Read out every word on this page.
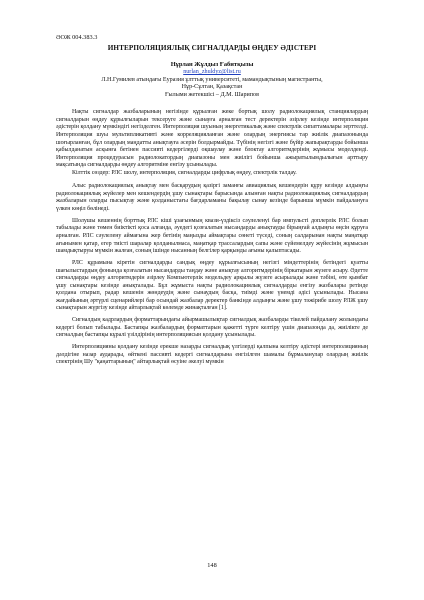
ӘОЖ 004.383.3
ИНТЕРПОЛЯЦИЯЛЫҚ СИГНАЛДАРДЫ ӨҢДЕУ ӘДІСТЕРІ
Нұрлан Жұлдыз Ғабитқызы
nurlan_zhuldyz@list.ru
Л.Н.Гумилев атындағы Еуразия ұлттық университеті, мамандықтының магистранты,
Нұр-Сұлтан, Қазақстан
Ғылыми жетекшісі – Д.М. Шарипов

Нақты сигналдар жазбаларының негізінде құрылған жеке бортық шолу радиолокациялық станциялардың сигналдарын өңдеу құрылғыларын тексеруге және сынауға арналған тест деректерін әзірлеу кезінде интерполяция әдістерін қолдану мүмкіндігі негізделген. Интерполяция шуының энергетикалық және спектрлік сипаттамалары зерттелді. Интерполяция шуы мультипликативті және корреляцияланған және олардың энергиясы тар жиілік диапазонында шоғырланған, бұл олардың маңдатты анықтауға әсерін болдырмайды. Түбінің негізгі және бүйір жапырақтарды бойынша қабылданатын асқынға бетінен пассивті кедергілерді оқшаулау және блоктау алгоритмдерінің жұмысы моделденді. Интерполяция процедурасын радиолокатордың диапазоны мен жиілігі бойынша ажыратылымдылығын арттыру мақсатында сигналдарды өңдеу алгоритміне енгізу ұсынылады.

Кілттік сөздер: РЛС шолу, интерполяция, сигналдарды цифрлық өңдеу, спектрлік талдау.

Алыс радиолокациялық анықтау мен басқарудың қазіргі заманғы авиациялық кешендерін құру кезінде алдыңғы радиолокациялық жүйелер мен кешендердің ұшу сынақтары барысында алынған нақты радиолокациялық сигналдардың жазбаларын оларды пысықтау және қолданыстағы бағдарламаны бақылау сынау кезінде барынша мүмкін пайдалануға үлкен көңіл бөлінеді.

Шолушы кешеннің борттық РЛС кіші ұзағынмың квази-үздіксіз сәулеленуі бар импульсті доплерлік РЛС болып табылады және төмен биіктікті қоса алғанда, әуедегі қозғалатын нысандарды анықтауды бірыңғай алдыңғы өңсін құруға арналған. РЛС сәулелену аймағына жер бетінің маңызды аймақтары сөнеті түседі, соның салдарынан нақты маңатқар ағынымен қатар, егер тиісті шаралар қолданылмаса, маңатқар трассалардың сапы және сүйемелдеу жүйесінің жұмысын шамдықтыруы мүмкін жалған, соның ішінде нысанның белгілер қарқынды ағыны қалыптасады.

РЛС құрамына кіретін сигналдарды сандық өңдеу құрылғысының негізгі міндеттерінің бетіндегі қуатты шағылыстардың фонында қозғалатын нысандарды таңдау және анықтау алгоритмдерінің біркатарын жүзеге асыру. Әдетте сигналдарды өңдеу алгоритмдерін әзірлеу Компьютерлік модельдеу арқылы жүзеге асырылады және тәбіні, өте қымбат ұшу сынақтары кезінде анықталады. Бұл жұмыста нақты радиолокациялық сигналдарды енгізу жазбалары ретінде қолдана отырып, радар кешенін жөндеудің және сынаудың басқа, тиімді және үнемді әдісі ұсынылады. Нысана жағдайының әртүрлі сценарийлері бар осындай жазбалар деректер банкінде алдыңғы және ұшу тәжірибе шолу РЛЖ ұшу сынақтарын жүргізу кезінде айтарлықтай көлемде жинақталған [1].

Сигналдың кадрлардың форматтарындағы айырмашылықтар сигналдық жазбаларды тікелей пайдалану жолындағы кедергі болып табылады. Бастапқы жазбалардың форматтарын қажетті түрге келтіру үшін диапазонда да, жиілікте де сигналдың бастапқы кұралі үзілдірінің интерполяциясын қолдану ұсынылады.

Интерполяцияны қолдану кезінде ерекше назарды сигналдық үлгілерді қалпына келтіру әдістері интерполяцияның дәлдігіне назар аударады, өйткені пассивті кедергі сигналдарына енгізілген шамалы бұрмаланулар олардың жиілік спектрінің Шу "қаңаттарының" айтарлықтай өсуіне әкелуі мүмкін

148
